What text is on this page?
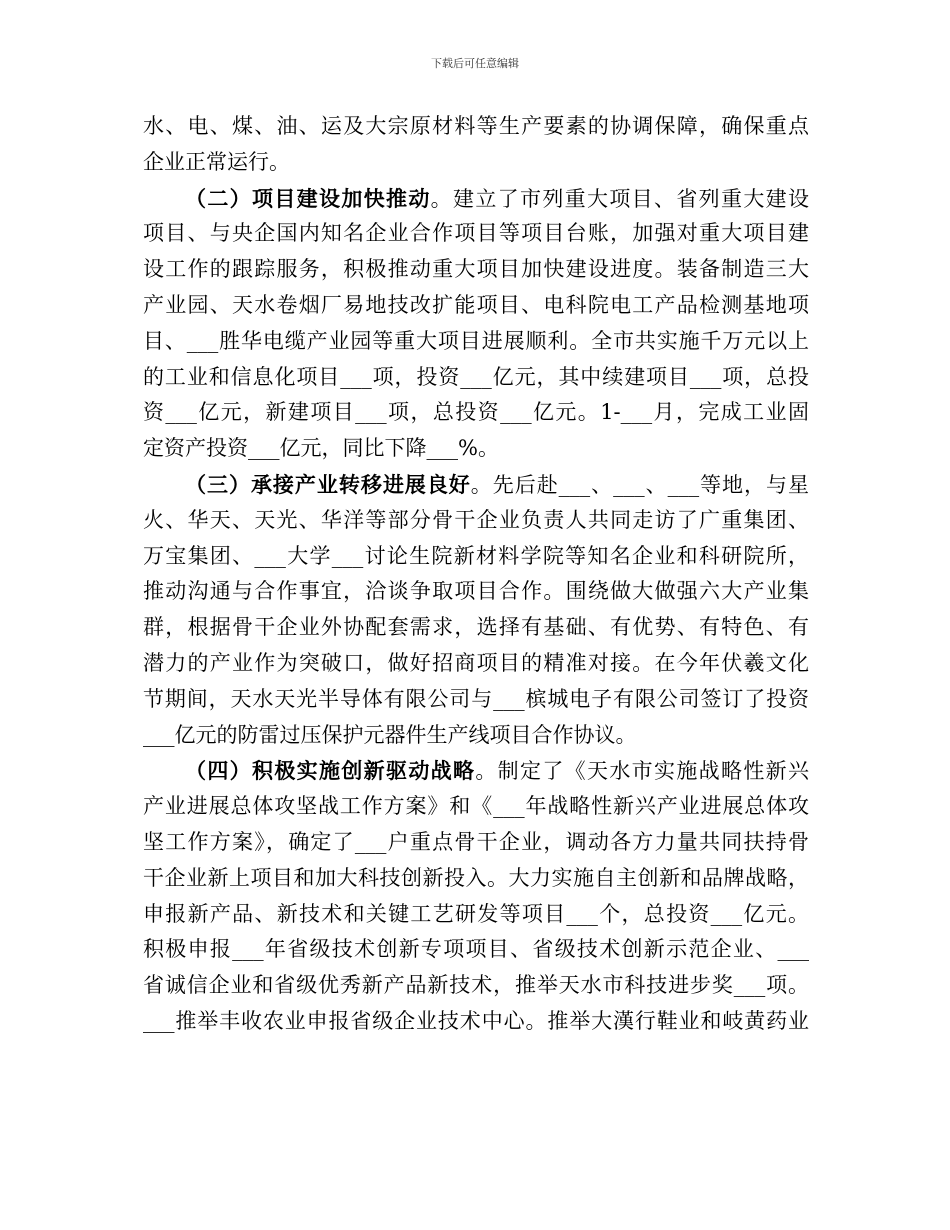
下载后可任意编辑
水、电、煤、油、运及大宗原材料等生产要素的协调保障，确保重点
企业正常运行。
（二）项目建设加快推动。建立了市列重大项目、省列重大建设
项目、与央企国内知名企业合作项目等项目台账，加强对重大项目建
设工作的跟踪服务，积极推动重大项目加快建设进度。装备制造三大
产业园、天水卷烟厂易地技改扩能项目、电科院电工产品检测基地项
目、___胜华电缆产业园等重大项目进展顺利。全市共实施千万元以上
的工业和信息化项目___项，投资___亿元，其中续建项目___项，总投
资___亿元，新建项目___项，总投资___亿元。1-___月，完成工业固
定资产投资___亿元，同比下降___%。
（三）承接产业转移进展良好。先后赴___、___、___等地，与星
火、华天、天光、华洋等部分骨干企业负责人共同走访了广重集团、
万宝集团、___大学___讨论生院新材料学院等知名企业和科研院所，
推动沟通与合作事宜，洽谈争取项目合作。围绕做大做强六大产业集
群，根据骨干企业外协配套需求，选择有基础、有优势、有特色、有
潜力的产业作为突破口，做好招商项目的精准对接。在今年伏羲文化
节期间，天水天光半导体有限公司与___槟城电子有限公司签订了投资
___亿元的防雷过压保护元器件生产线项目合作协议。
（四）积极实施创新驱动战略。制定了《天水市实施战略性新兴
产业进展总体攻坚战工作方案》和《___年战略性新兴产业进展总体攻
坚工作方案》，确定了___户重点骨干企业，调动各方力量共同扶持骨
干企业新上项目和加大科技创新投入。大力实施自主创新和品牌战略，
申报新产品、新技术和关键工艺研发等项目___个，总投资___亿元。
积极申报___年省级技术创新专项项目、省级技术创新示范企业、___
省诚信企业和省级优秀新产品新技术，推举天水市科技进步奖___项。
___推举丰收农业申报省级企业技术中心。推举大漢行鞋业和岐黄药业
